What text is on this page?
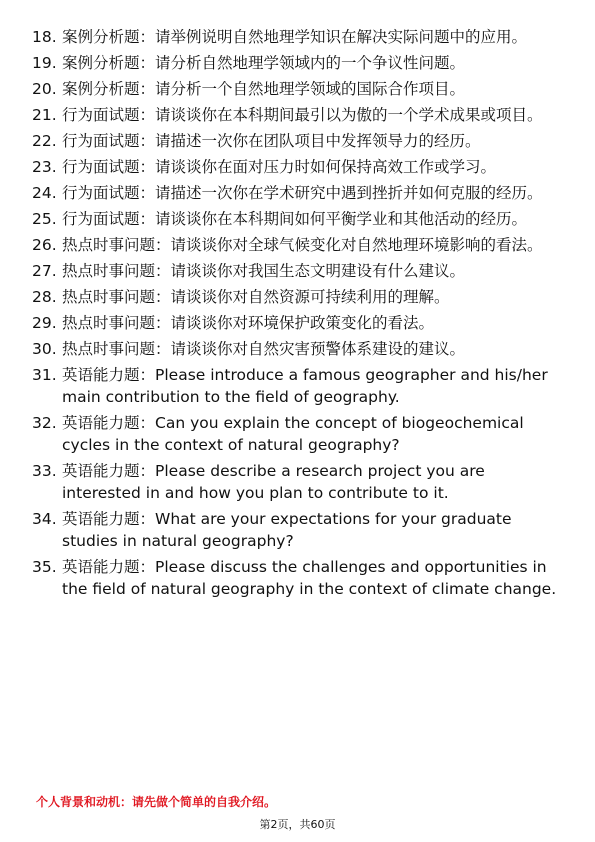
18. 案例分析题：请举例说明自然地理学知识在解决实际问题中的应用。
19. 案例分析题：请分析自然地理学领域内的一个争议性问题。
20. 案例分析题：请分析一个自然地理学领域的国际合作项目。
21. 行为面试题：请谈谈你在本科期间最引以为傲的一个学术成果或项目。
22. 行为面试题：请描述一次你在团队项目中发挥领导力的经历。
23. 行为面试题：请谈谈你在面对压力时如何保持高效工作或学习。
24. 行为面试题：请描述一次你在学术研究中遇到挫折并如何克服的经历。
25. 行为面试题：请谈谈你在本科期间如何平衡学业和其他活动的经历。
26. 热点时事问题：请谈谈你对全球气候变化对自然地理环境影响的看法。
27. 热点时事问题：请谈谈你对我国生态文明建设有什么建议。
28. 热点时事问题：请谈谈你对自然资源可持续利用的理解。
29. 热点时事问题：请谈谈你对环境保护政策变化的看法。
30. 热点时事问题：请谈谈你对自然灾害预警体系建设的建议。
31. 英语能力题：Please introduce a famous geographer and his/her main contribution to the field of geography.
32. 英语能力题：Can you explain the concept of biogeochemical cycles in the context of natural geography?
33. 英语能力题：Please describe a research project you are interested in and how you plan to contribute to it.
34. 英语能力题：What are your expectations for your graduate studies in natural geography?
35. 英语能力题：Please discuss the challenges and opportunities in the field of natural geography in the context of climate change.

个人背景和动机：请先做个简单的自我介绍。

第2页，共60页
